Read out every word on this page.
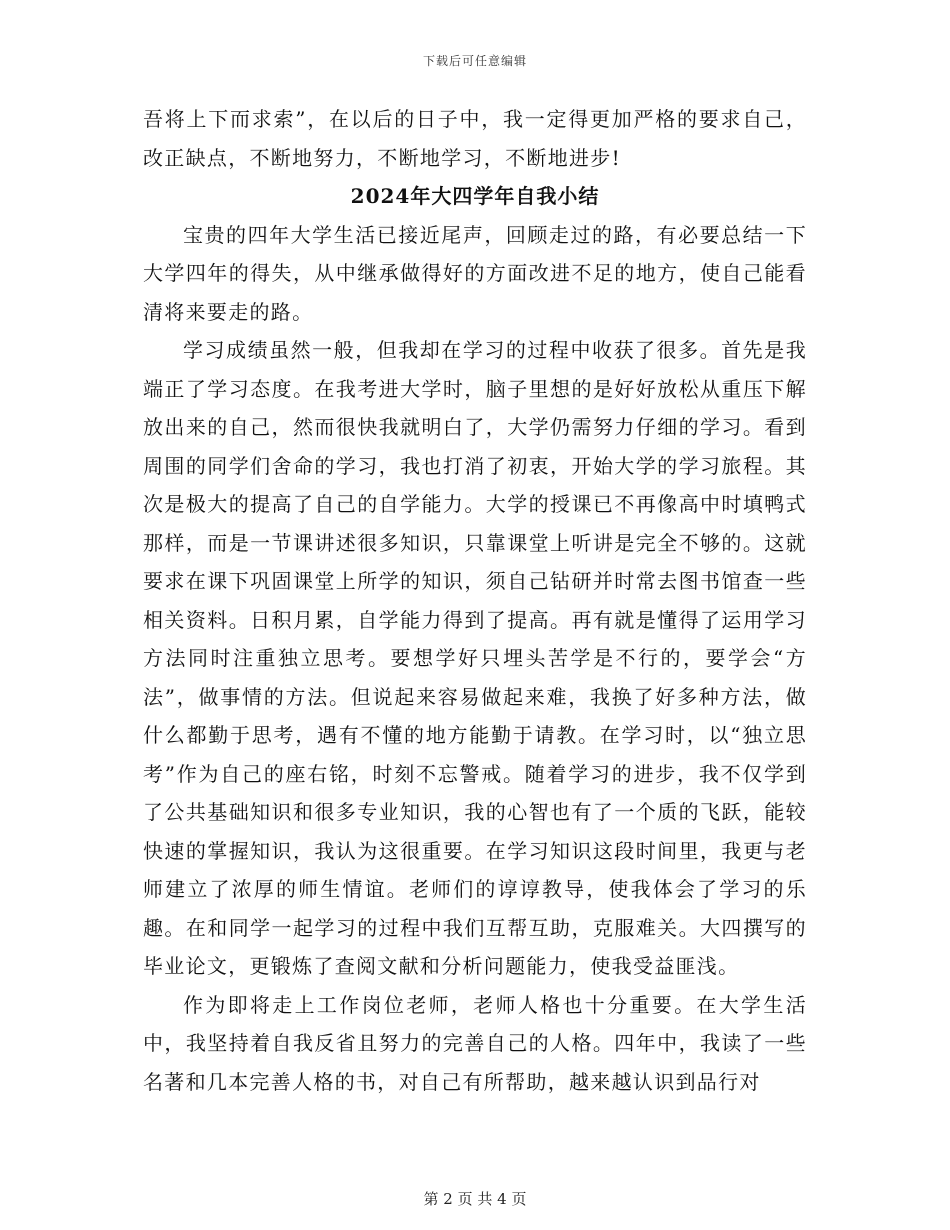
下载后可任意编辑

吾将上下而求索”，在以后的日子中，我一定得更加严格的要求自己，改正缺点，不断地努力，不断地学习，不断地进步!

2024年大四学年自我小结

宝贵的四年大学生活已接近尾声，回顾走过的路，有必要总结一下大学四年的得失，从中继承做得好的方面改进不足的地方，使自己能看清将来要走的路。

学习成绩虽然一般，但我却在学习的过程中收获了很多。首先是我端正了学习态度。在我考进大学时，脑子里想的是好好放松从重压下解放出来的自己，然而很快我就明白了，大学仍需努力仔细的学习。看到周围的同学们舍命的学习，我也打消了初衷，开始大学的学习旅程。其次是极大的提高了自己的自学能力。大学的授课已不再像高中时填鸭式那样，而是一节课讲述很多知识，只靠课堂上听讲是完全不够的。这就要求在课下巩固课堂上所学的知识，须自己钻研并时常去图书馆查一些相关资料。日积月累，自学能力得到了提高。再有就是懂得了运用学习方法同时注重独立思考。要想学好只埋头苦学是不行的，要学会“方法”，做事情的方法。但说起来容易做起来难，我换了好多种方法，做什么都勤于思考，遇有不懂的地方能勤于请教。在学习时，以“独立思考”作为自己的座右铭，时刻不忘警戒。随着学习的进步，我不仅学到了公共基础知识和很多专业知识，我的心智也有了一个质的飞跃，能较快速的掌握知识，我认为这很重要。在学习知识这段时间里，我更与老师建立了浓厚的师生情谊。老师们的谆谆教导，使我体会了学习的乐趣。在和同学一起学习的过程中我们互帮互助，克服难关。大四撰写的毕业论文，更锻炼了查阅文献和分析问题能力，使我受益匪浅。

作为即将走上工作岗位老师，老师人格也十分重要。在大学生活中，我坚持着自我反省且努力的完善自己的人格。四年中，我读了一些名著和几本完善人格的书，对自己有所帮助，越来越认识到品行对

第 2 页 共 4 页
